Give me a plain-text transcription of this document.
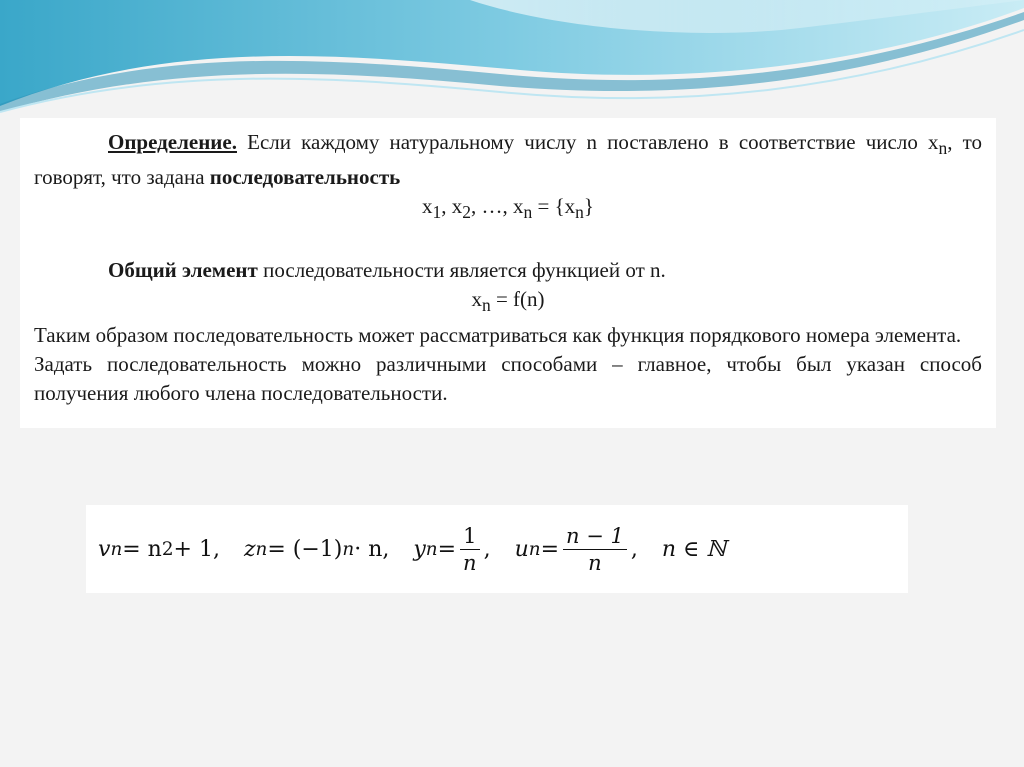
Определение. Если каждому натуральному числу n поставлено в соответствие число $x_n$, то говорят, что задана последовательность

$x_1$, $x_2$, …, $x_n = \{x_n\}$

Общий элемент последовательности является функцией от n.

$x_n = f(n)$

Таким образом последовательность может рассматриваться как функция порядкового номера элемента.

Задать последовательность можно различными способами – главное, чтобы был указан способ получения любого члена последовательности.

v n = n 2 + 1, z n = (−1) n · n, y $n = \frac{1}{n}$ , u $n = \frac{n - 1}{n}$ , n ∈ ℕ
